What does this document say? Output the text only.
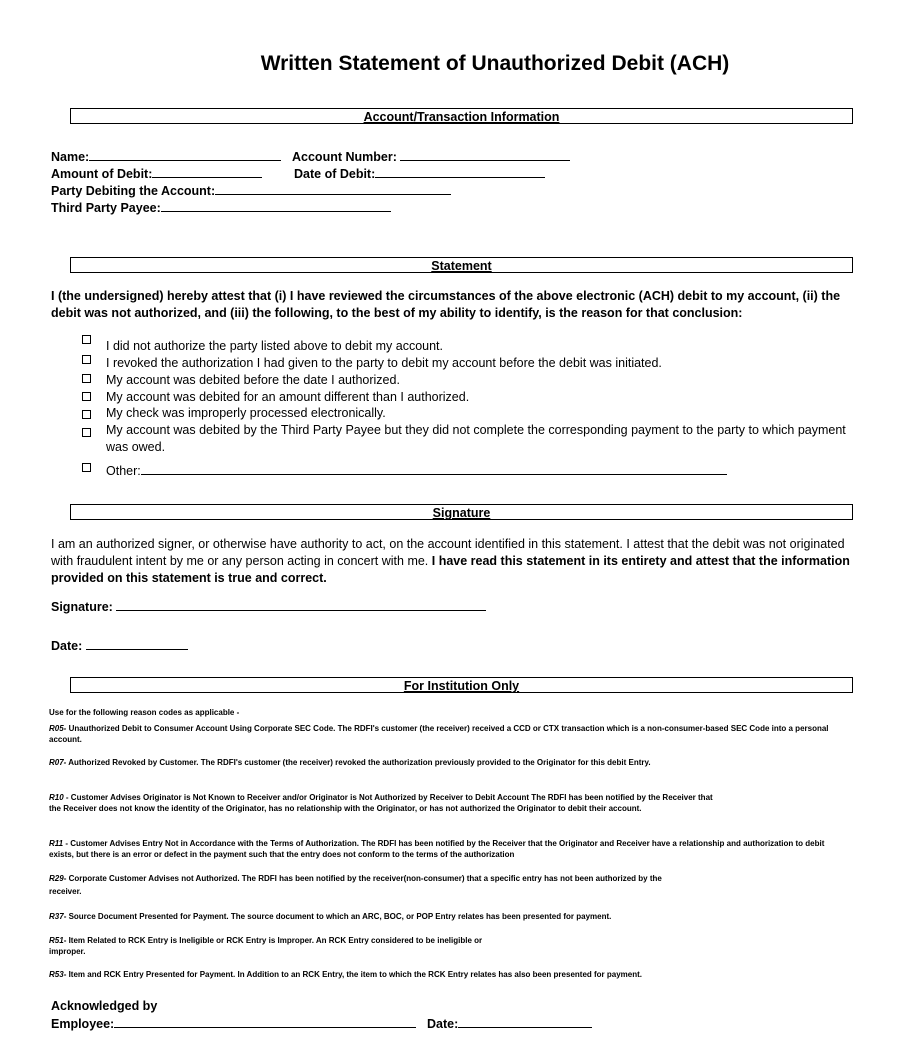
Written Statement of Unauthorized Debit (ACH)
Account/Transaction Information
Name:	Account Number:
Amount of Debit:	Date of Debit:
Party Debiting the Account:
Third Party Payee:
Statement
I (the undersigned) hereby attest that (i) I have reviewed the circumstances of the above electronic (ACH) debit to my account, (ii) the debit was not authorized, and (iii) the following, to the best of my ability to identify, is the reason for that conclusion:
I did not authorize the party listed above to debit my account.
I revoked the authorization I had given to the party to debit my account before the debit was initiated.
My account was debited before the date I authorized.
My account was debited for an amount different than I authorized.
My check was improperly processed electronically.
My account was debited by the Third Party Payee but they did not complete the corresponding payment to the party to which payment was owed.
Other:
Signature
I am an authorized signer, or otherwise have authority to act, on the account identified in this statement. I attest that the debit was not originated with fraudulent intent by me or any person acting in concert with me. I have read this statement in its entirety and attest that the information provided on this statement is true and correct.
Signature:
Date:
For Institution Only
Use for the following reason codes as applicable -
R05- Unauthorized Debit to Consumer Account Using Corporate SEC Code. The RDFI's customer (the receiver) received a CCD or CTX transaction which is a non-consumer-based SEC Code into a personal account.
R07- Authorized Revoked by Customer. The RDFI's customer (the receiver) revoked the authorization previously provided to the Originator for this debit Entry.
R10 - Customer Advises Originator is Not Known to Receiver and/or Originator is Not Authorized by Receiver to Debit Account The RDFI has been notified by the Receiver that the Receiver does not know the identity of the Originator, has no relationship with the Originator, or has not authorized the Originator to debit their account.
R11 - Customer Advises Entry Not in Accordance with the Terms of Authorization. The RDFI has been notified by the Receiver that the Originator and Receiver have a relationship and authorization to debit exists, but there is an error or defect in the payment such that the entry does not conform to the terms of the authorization
R29- Corporate Customer Advises not Authorized. The RDFI has been notified by the receiver(non-consumer) that a specific entry has not been authorized by the receiver.
R37- Source Document Presented for Payment. The source document to which an ARC, BOC, or POP Entry relates has been presented for payment.
R51- Item Related to RCK Entry is Ineligible or RCK Entry is Improper. An RCK Entry considered to be ineligible or improper.
R53- Item and RCK Entry Presented for Payment. In Addition to an RCK Entry, the item to which the RCK Entry relates has also been presented for payment.
Acknowledged by
Employee:	Date:
